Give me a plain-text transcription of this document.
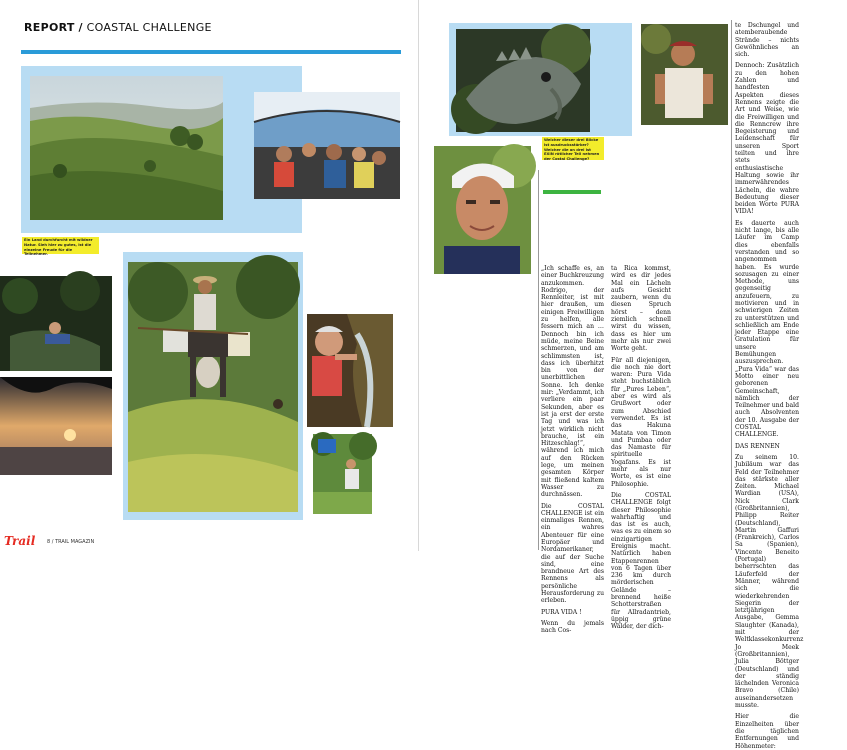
REPORT / COASTAL CHALLENGE
Ein Land durchfurcht mit wildner Natur. Sieh hier zu gutes, ist die einzelne Freude für die Teilnehmer.
Trail 8 / TRAIL MAGAZIN
Welcher dieser drei Blicke ist ausdrucksstärker? Welcher die an drei ist EXIN rötlicher Teil nehmen der Costal Challenge?

„Ich schaffe es, an einer Buchkreuzung anzukommen. Rodrigo, der Rennleiter, ist mit hier draußen, um einigen Freiwilligen zu helfen, alle fessern mich an … Dennoch bin ich müde, meine Beine schmerzen, und am schlimmsten ist, dass ich überhitzt bin von der unerbittlichen Sonne. Ich denke mir: „Verdammt, ich verliere ein paar Sekunden, aber es ist ja erst der erste Tag und was ich jetzt wirklich nicht brauche, ist ein Hitzeschlag!“, während ich mich auf den Rücken lege, um meinen gesamten Körper mit fließend kaltem Wasser zu durchnässen.

Die COSTAL CHALLENGE ist ein einmaliges Rennen, ein wahres Abenteuer für eine Europäer und Nordamerikaner, die auf der Suche sind, eine brandneue Art des Rennens als persönliche Herausforderung zu erleben.

PURA VIDA !

Wenn du jemals nach Cos-

ta Rica kommst, wird es dir jedes Mal ein Lächeln aufs Gesicht zaubern, wenn du diesen Spruch hörst – denn ziemlich schnell wirst du wissen, dass es hier um mehr als nur zwei Worte geht.

Für all diejenigen, die noch nie dort waren: Pura Vida steht buchstäblich für „Pures Leben“, aber es wird als Grußwort oder zum Abschied verwendet. Es ist das Hakuna Matata von Timon und Pumbaa oder das Namaste für spirituelle Yogafans. Es ist mehr als nur Worte, es ist eine Philosophie.

Die COSTAL CHALLENGE folgt dieser Philosophie wahrhaftig und das ist es auch, was es zu einem so einzigartigen Ereignis macht. Natürlich haben Etappenrennen von 6 Tagen über 236 km durch mörderischen Gelände – brennend heiße Schotterstraßen für Allradantrieb, üppig grüne Wälder, der dich-

te Dschungel und atemberaubende Strände – nichts Gewöhnliches an sich.

Dennoch: Zusätzlich zu den hohen Zahlen und handfesten Aspekten dieses Rennens zeigte die Art und Weise, wie die Freiwilligen und die Renncrew ihre Begeisterung und Leidenschaft für unseren Sport teilten und ihre stets enthusiastische Haltung sowie ihr immerwährendes Lächeln, die wahre Bedeutung dieser beiden Worte PURA VIDA!

Es dauerte auch nicht lange, bis alle Läufer im Camp dies ebenfalls verstanden und so angenommen haben. Es wurde sozusagen zu einer Methode, uns gegenseitig anzufeuern, zu motivieren und in schwierigen Zeiten zu unterstützen und schließlich am Ende jeder Etappe eine Gratulation für unsere Bemühungen auszusprechen. „Pura Vida“ war das Motto einer neu geborenen Gemeinschaft, nämlich der Teilnehmer und bald auch Absolventen der 10. Ausgabe der COSTAL CHALLENGE.

DAS RENNEN

Zu seinem 10. Jubiläum war das Feld der Teilnehmer das stärkste aller Zeiten. Michael Wardian (USA), Nick Clark (Großbritannien), Philipp Reiter (Deutschland), Martin Gaffuri (Frankreich), Carlos Sa (Spanien), Vincente Beneito (Portugal) beherrschten das Läuferfeld der Männer, während sich die wiederkehrenden Siegerin der letztjährigen Ausgabe, Gemma Slaughter (Kanada), mit der Weltklassekonkurrenz Jo Meek (Großbritannien), Julia Böttger (Deutschland) und der ständig lächelnden Veronica Bravo (Chile) auseinandersetzen musste.

Hier die Einzelheiten über die täglichen Entfernungen und Höhenmeter:
